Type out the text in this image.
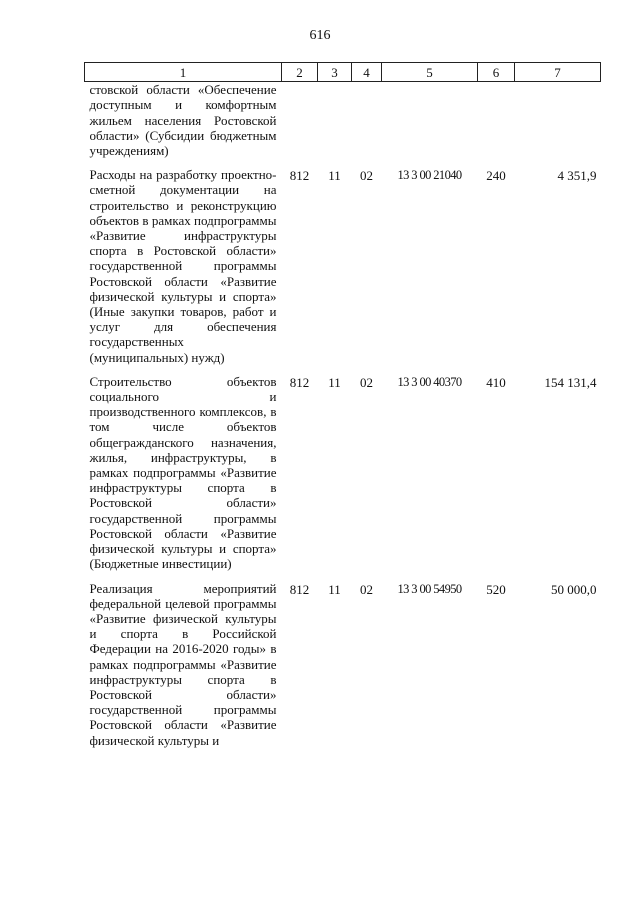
616
1	2	3	4	5	6	7
стовской области «Обеспечение доступным и комфортным жильем населения Ростовской области» (Субсидии бюджетным учреждениям)						
Расходы на разработку проектно-сметной документации на строительство и реконструкцию объектов в рамках подпрограммы «Развитие инфраструктуры спорта в Ростовской области» государственной программы Ростовской области «Развитие физической культуры и спорта» (Иные закупки товаров, работ и услуг для обеспечения государственных (муниципальных) нужд)	812	11	02	13 3 00 21040	240	4 351,9
Строительство объектов социального и производственного комплексов, в том числе объектов общегражданского назначения, жилья, инфраструктуры, в рамках подпрограммы «Развитие инфраструктуры спорта в Ростовской области» государственной программы Ростовской области «Развитие физической культуры и спорта» (Бюджетные инвестиции)	812	11	02	13 3 00 40370	410	154 131,4
Реализация мероприятий федеральной целевой программы «Развитие физической культуры и спорта в Российской Федерации на 2016-2020 годы» в рамках подпрограммы «Развитие инфраструктуры спорта в Ростовской области» государственной программы Ростовской области «Развитие физической культуры и	812	11	02	13 3 00 54950	520	50 000,0
